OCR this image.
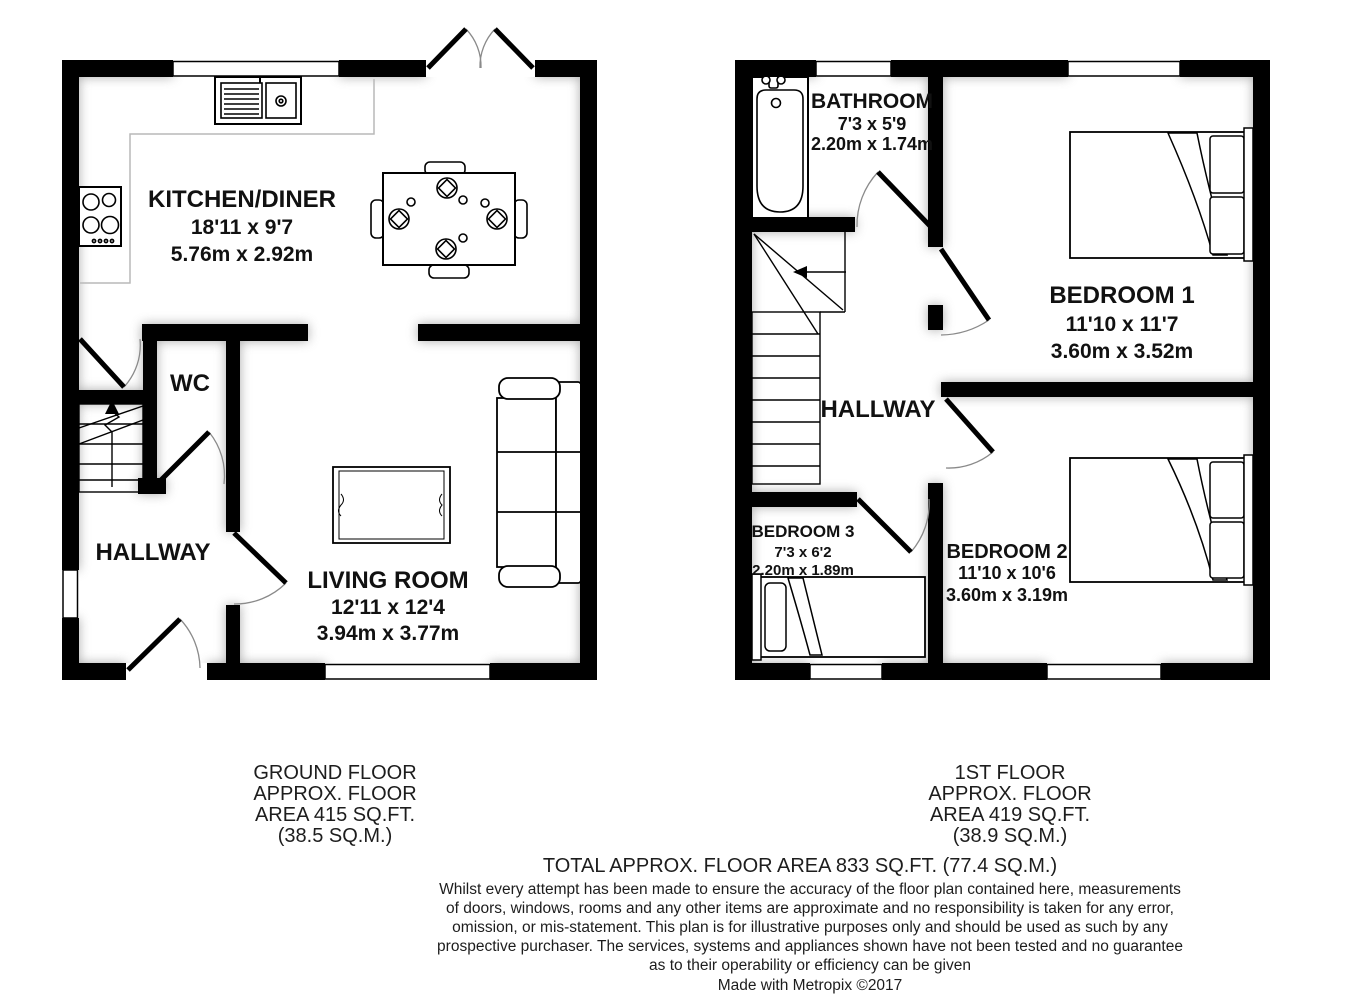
KITCHEN/DINER
18'11 x 9'7
5.76m x 2.92m
WC
HALLWAY
LIVING ROOM
12'11 x 12'4
3.94m x 3.77m
BATHROOM
7'3 x 5'9
2.20m x 1.74m
BEDROOM 1
11'10 x 11'7
3.60m x 3.52m
HALLWAY
BEDROOM 3
7'3 x 6'2
2.20m x 1.89m
BEDROOM 2
11'10 x 10'6
3.60m x 3.19m
GROUND FLOOR
APPROX. FLOOR
AREA 415 SQ.FT.
(38.5 SQ.M.)
1ST FLOOR
APPROX. FLOOR
AREA 419 SQ.FT.
(38.9 SQ.M.)
TOTAL APPROX. FLOOR AREA 833 SQ.FT. (77.4 SQ.M.)
Whilst every attempt has been made to ensure the accuracy of the floor plan contained here, measurements
of doors, windows, rooms and any other items are approximate and no responsibility is taken for any error,
omission, or mis-statement. This plan is for illustrative purposes only and should be used as such by any
prospective purchaser. The services, systems and appliances shown have not been tested and no guarantee
as to their operability or efficiency can be given
Made with Metropix ©2017
